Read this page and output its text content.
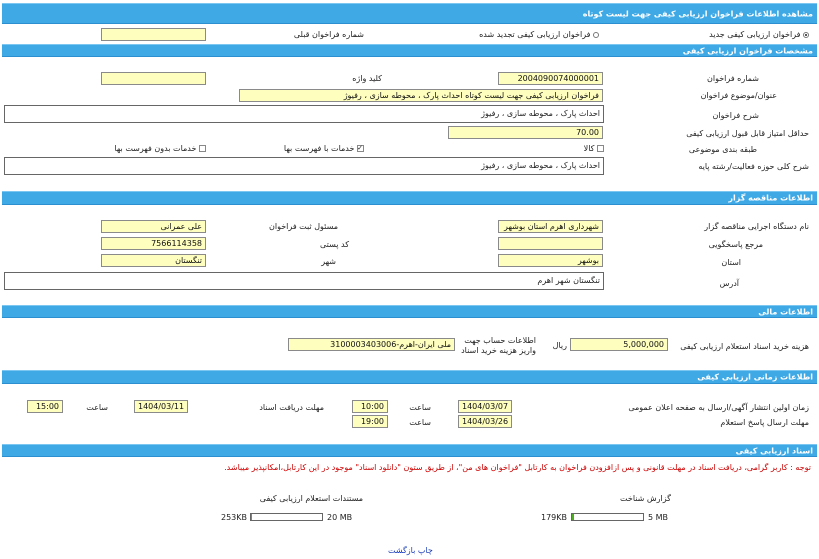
مشاهده اطلاعات فراخوان ارزیابی کیفی جهت لیست کوتاه
فراخوان ارزیابی کیفی جدید
فراخوان ارزیابی کیفی تجدید شده
شماره فراخوان قبلی
مشخصات فراخوان ارزیابی کیفی
شماره فراخوان
2004090074000001
کلید واژه
عنوان/موضوع فراخوان
فراخوان ارزیابی کیفی جهت لیست کوتاه احداث پارک ، محوطه سازی ، رفیوژ
شرح فراخوان
احداث پارک ، محوطه سازی ، رفیوژ
حداقل امتیاز قابل قبول ارزیابی کیفی
70.00
طبقه بندی موضوعی
کالا
✓ خدمات با فهرست بها
خدمات بدون فهرست بها
شرح کلی حوزه فعالیت/رشته پایه
احداث پارک ، محوطه سازی ، رفیوژ
اطلاعات مناقصه گزار
نام دستگاه اجرایی مناقصه گزار
شهرداری اهرم استان بوشهر
مسئول ثبت فراخوان
علی عمرانی
مرجع پاسخگویی
کد پستی
7566114358
استان
بوشهر
شهر
تنگستان
آدرس
تنگستان شهر اهرم
اطلاعات مالی
هزینه خرید اسناد استعلام ارزیابی کیفی
5,000,000
ریال
اطلاعات حساب جهت
واریز هزینه خرید اسناد
ملی ایران-اهرم-3100003403006
اطلاعات زمانی ارزیابی کیفی
زمان اولین انتشار آگهی/ارسال به صفحه اعلان عمومی
1404/03/07
ساعت
10:00
مهلت دریافت اسناد
1404/03/11
ساعت
15:00
مهلت ارسال پاسخ استعلام
1404/03/26
ساعت
19:00
اسناد ارزیابی کیفی
توجه : کاربر گرامی، دریافت اسناد در مهلت قانونی و پس ازافزودن فراخوان به کارتابل "فراخوان های من"، از طریق ستون "دانلود اسناد" موجود در این کارتابل،امکانپذیر میباشد.
گزارش شناخت
179KB	5 MB
مستندات استعلام ارزیابی کیفی
253KB	20 MB
چاپ بازگشت
